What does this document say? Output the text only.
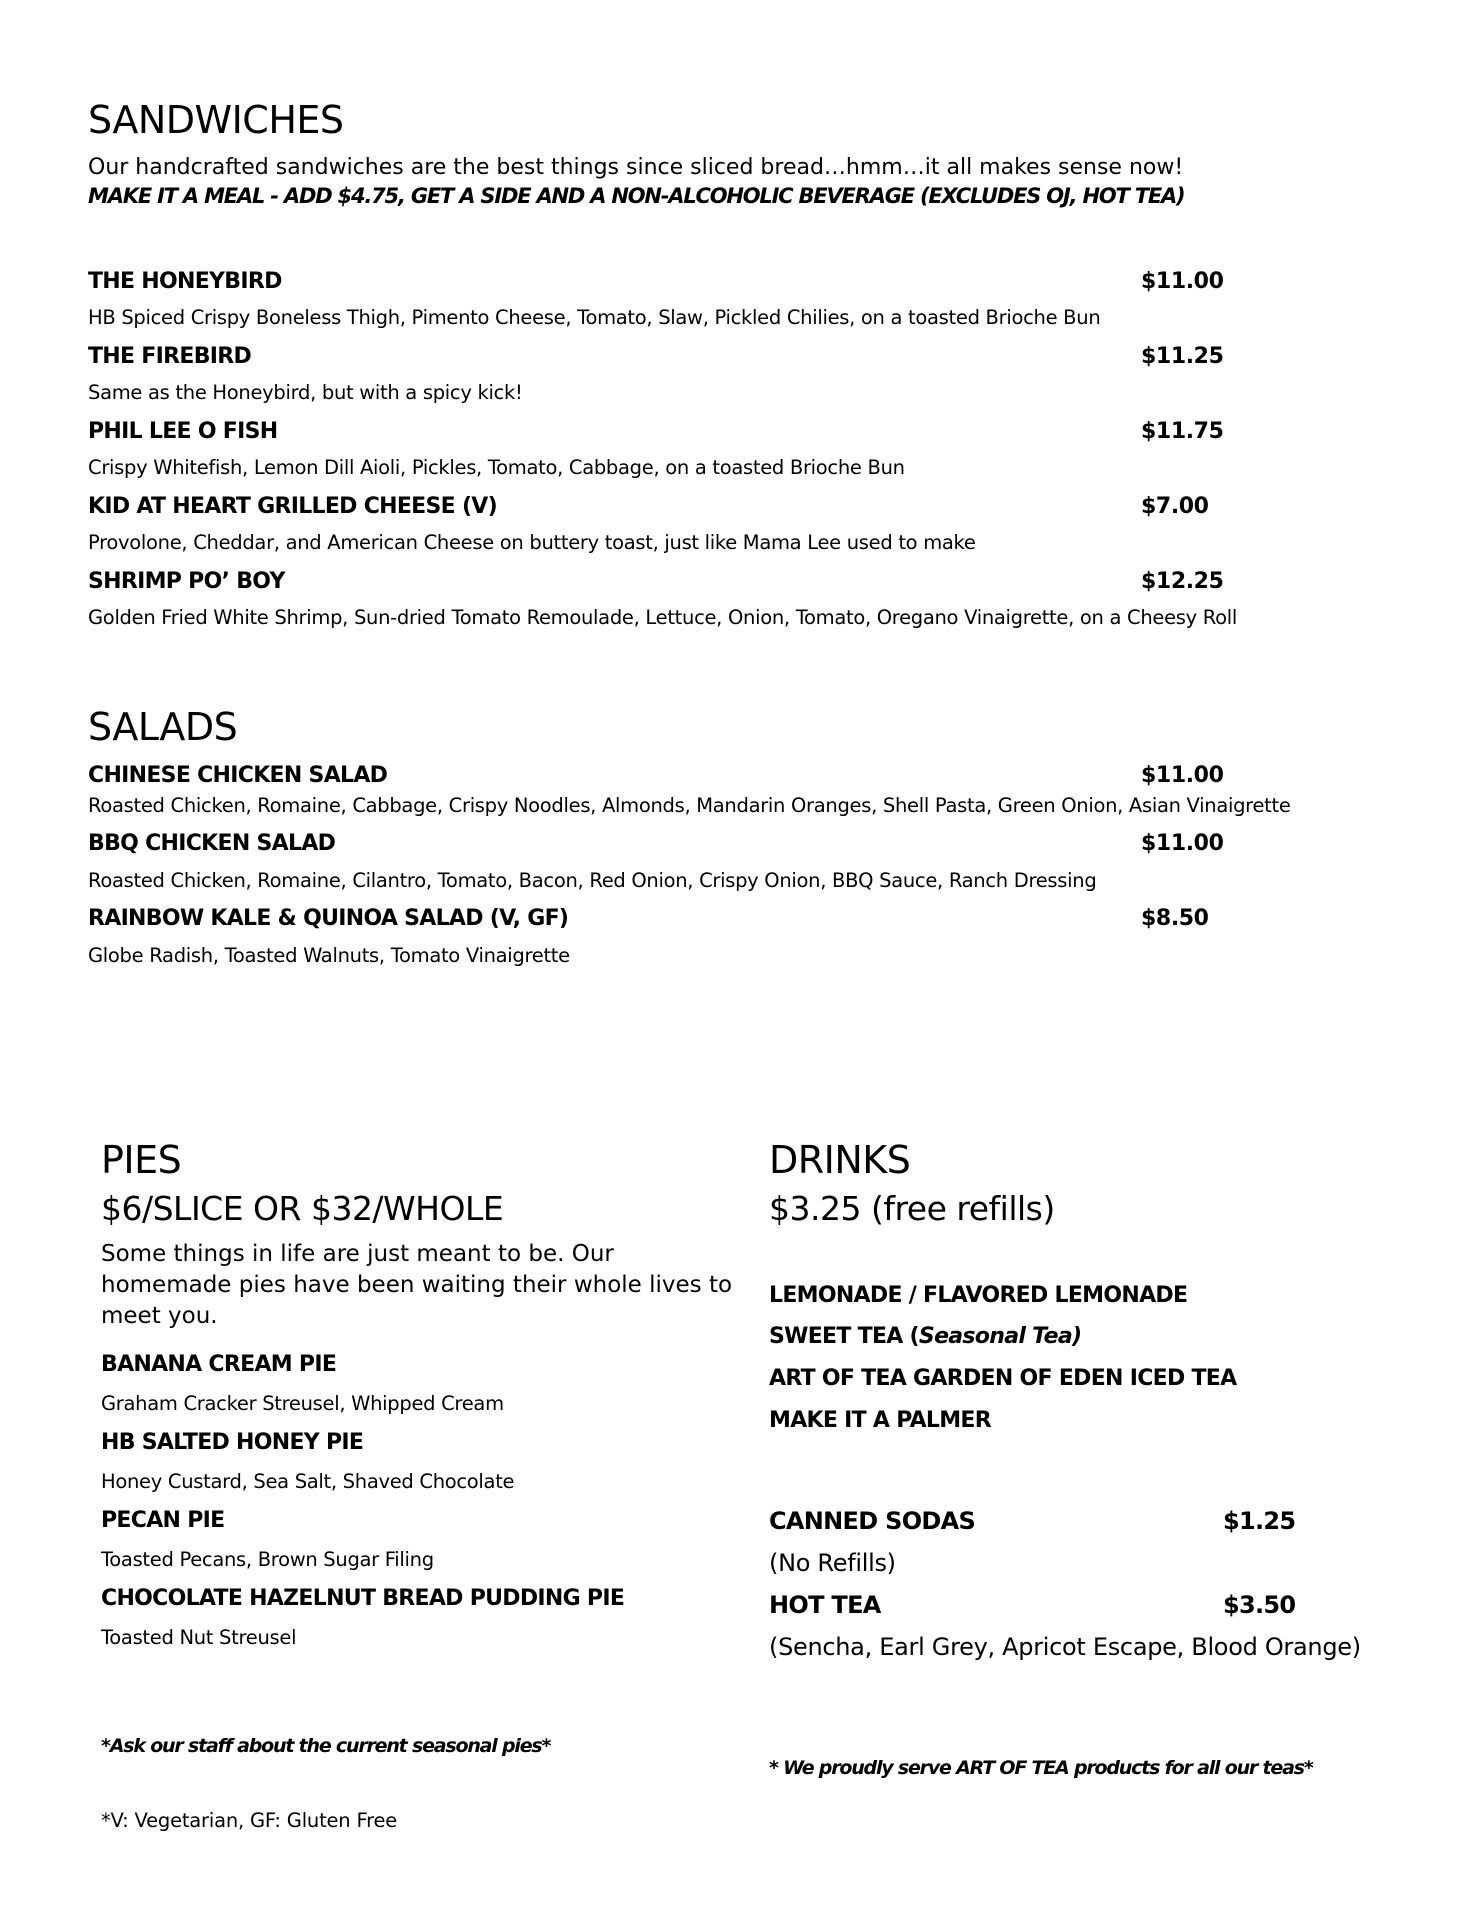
SANDWICHES
Our handcrafted sandwiches are the best things since sliced bread…hmm…it all makes sense now!
MAKE IT A MEAL - ADD $4.75, GET A SIDE AND A NON-ALCOHOLIC BEVERAGE (EXCLUDES OJ, HOT TEA)
THE HONEYBIRD	$11.00
HB Spiced Crispy Boneless Thigh, Pimento Cheese, Tomato, Slaw, Pickled Chilies, on a toasted Brioche Bun
THE FIREBIRD	$11.25
Same as the Honeybird, but with a spicy kick!
PHIL LEE O FISH	$11.75
Crispy Whitefish, Lemon Dill Aioli, Pickles, Tomato, Cabbage, on a toasted Brioche Bun
KID AT HEART GRILLED CHEESE (V)	$7.00
Provolone, Cheddar, and American Cheese on buttery toast, just like Mama Lee used to make
SHRIMP PO’ BOY	$12.25
Golden Fried White Shrimp, Sun-dried Tomato Remoulade, Lettuce, Onion, Tomato, Oregano Vinaigrette, on a Cheesy Roll
SALADS
CHINESE CHICKEN SALAD	$11.00
Roasted Chicken, Romaine, Cabbage, Crispy Noodles, Almonds, Mandarin Oranges, Shell Pasta, Green Onion, Asian Vinaigrette
BBQ CHICKEN SALAD	$11.00
Roasted Chicken, Romaine, Cilantro, Tomato, Bacon, Red Onion, Crispy Onion, BBQ Sauce, Ranch Dressing
RAINBOW KALE & QUINOA SALAD (V, GF)	$8.50
Globe Radish, Toasted Walnuts, Tomato Vinaigrette
PIES
$6/SLICE OR $32/WHOLE
Some things in life are just meant to be. Our homemade pies have been waiting their whole lives to meet you.
BANANA CREAM PIE
Graham Cracker Streusel, Whipped Cream
HB SALTED HONEY PIE
Honey Custard, Sea Salt, Shaved Chocolate
PECAN PIE
Toasted Pecans, Brown Sugar Filing
CHOCOLATE HAZELNUT BREAD PUDDING PIE
Toasted Nut Streusel
*Ask our staff about the current seasonal pies*
DRINKS
$3.25 (free refills)
LEMONADE / FLAVORED LEMONADE
SWEET TEA (Seasonal Tea)
ART OF TEA GARDEN OF EDEN ICED TEA
MAKE IT A PALMER
CANNED SODAS	$1.25
(No Refills)
HOT TEA	$3.50
(Sencha, Earl Grey, Apricot Escape, Blood Orange)
* We proudly serve ART OF TEA products for all our teas*
*V: Vegetarian, GF: Gluten Free
